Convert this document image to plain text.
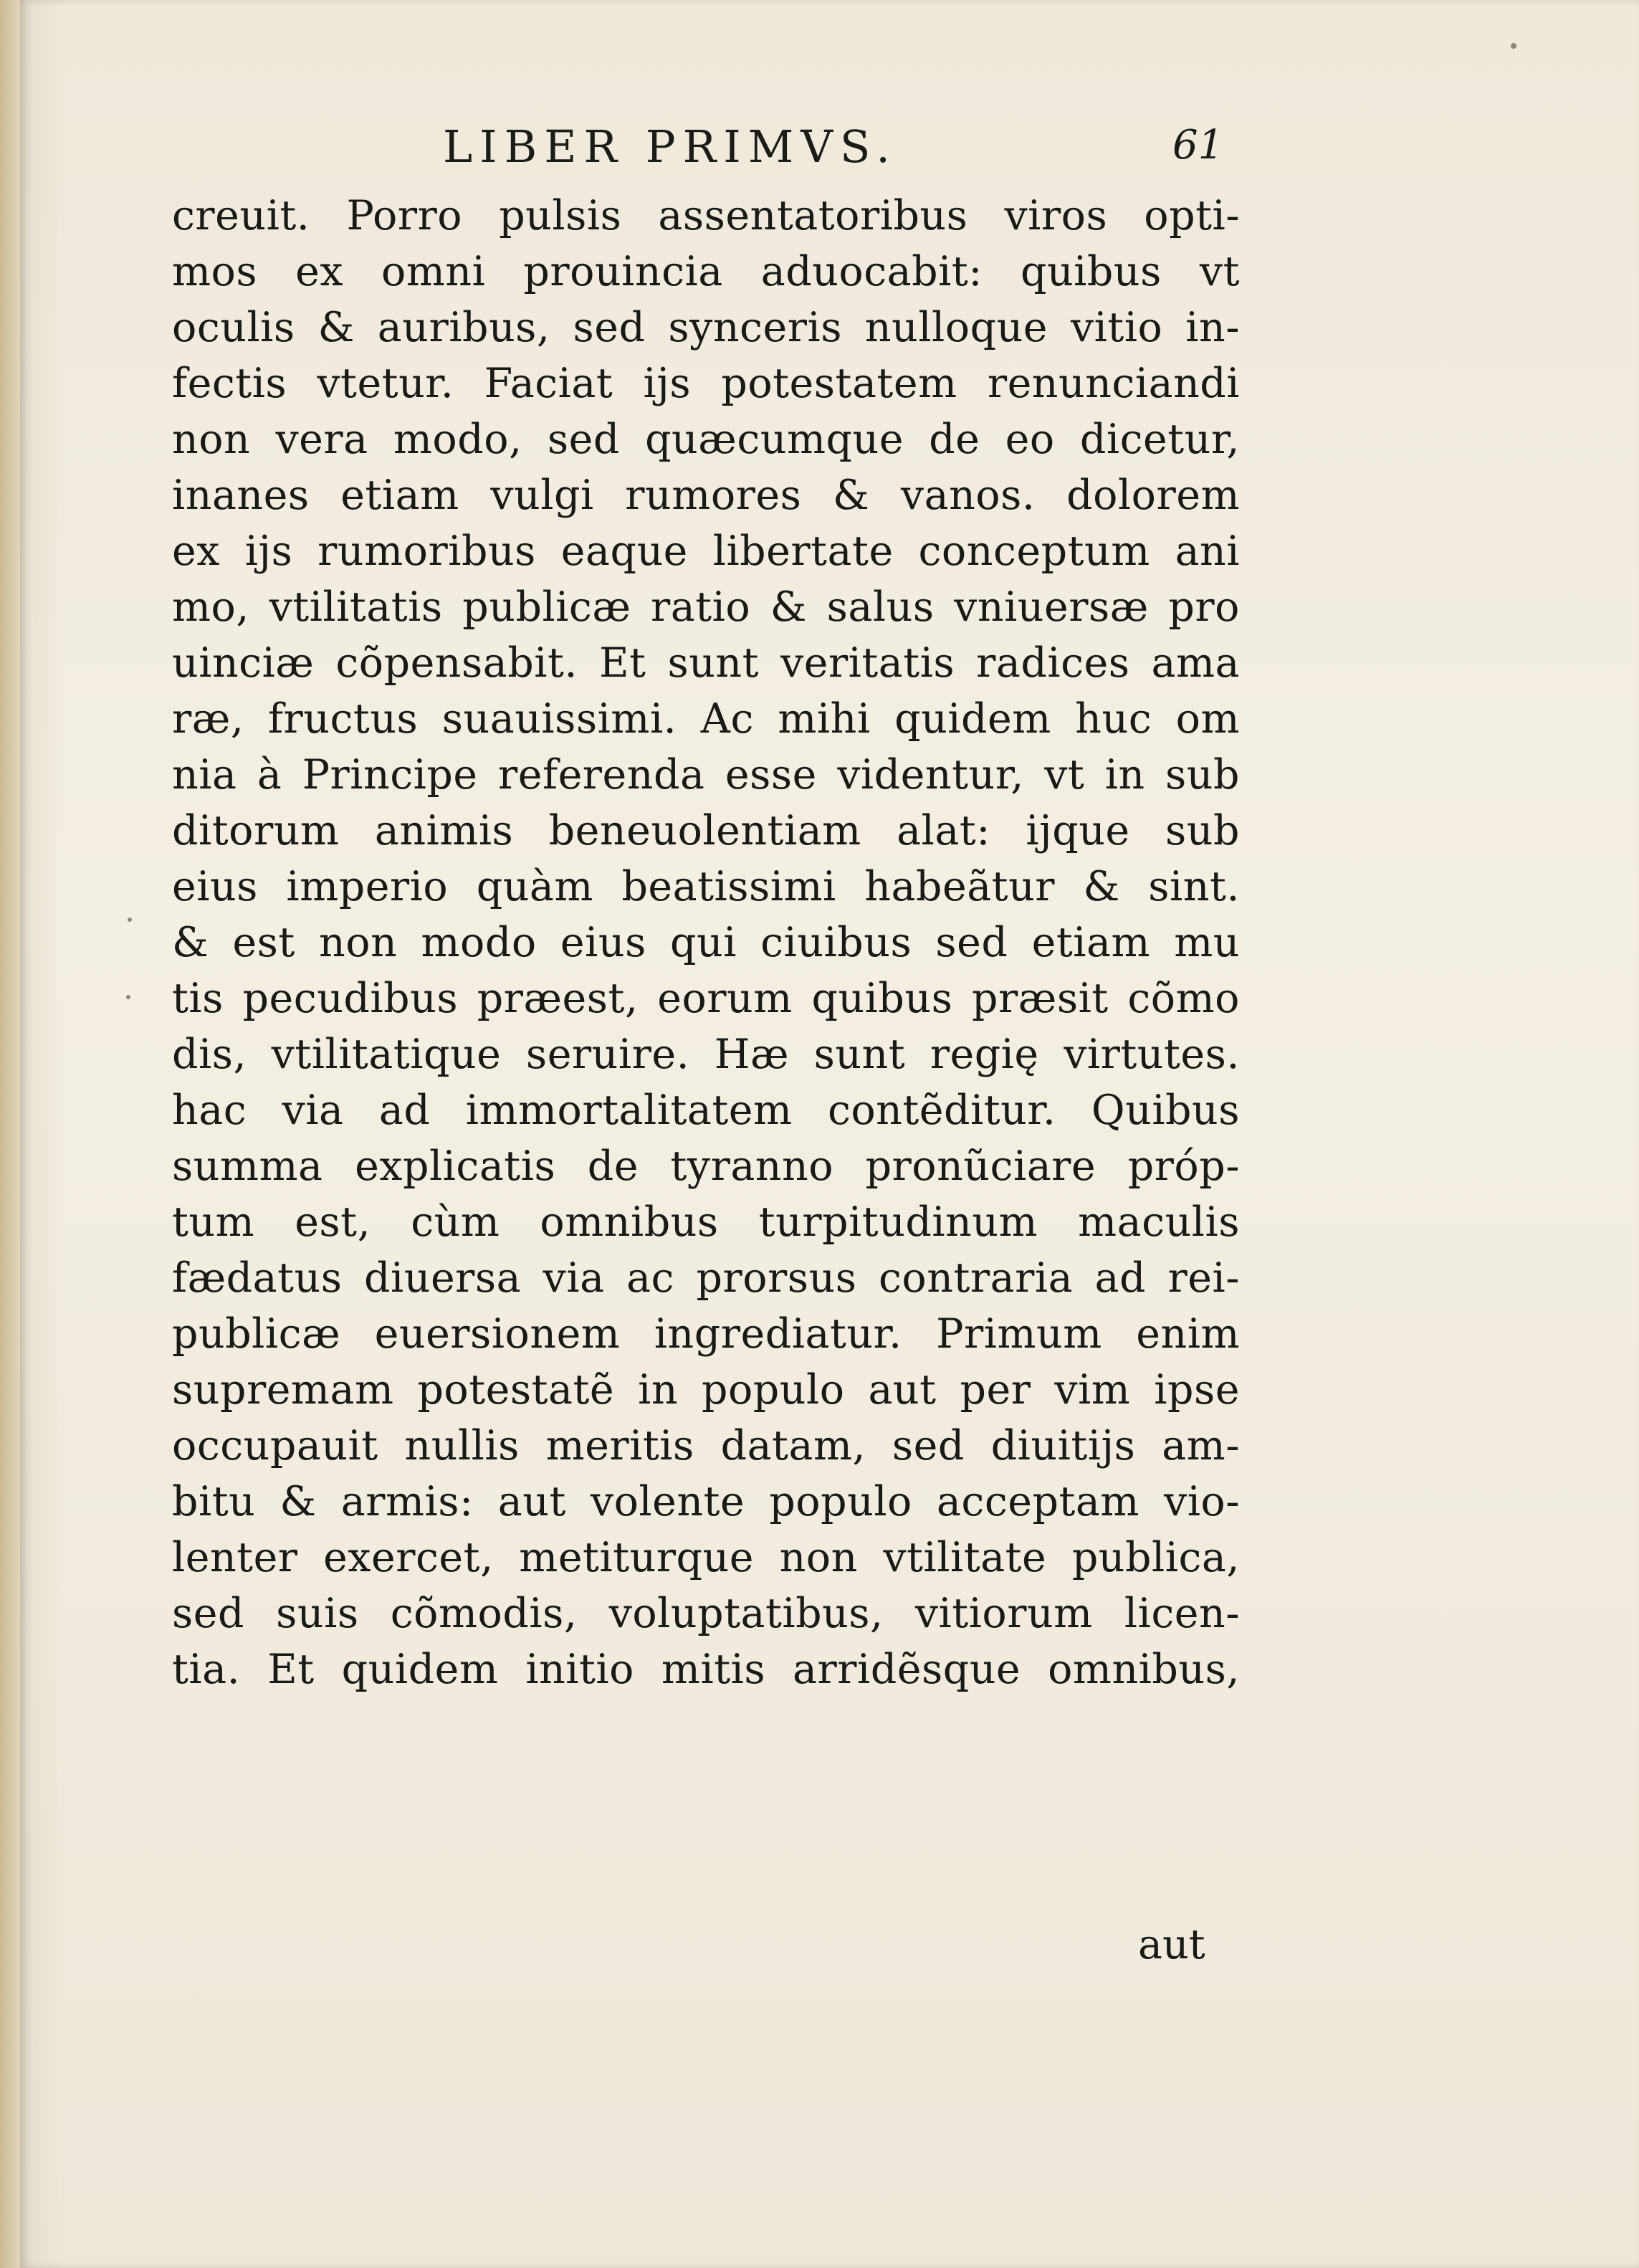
LIBER PRIMVS.	61
creuit. Porro pulsis assentatoribus viros opti-
mos ex omni prouincia aduocabit: quibus vt
oculis & auribus, sed synceris nulloque vitio in-
fectis vtetur. Faciat ijs potestatem renunciandi
non vera modo, sed quæcumque de eo dicetur,
inanes etiam vulgi rumores & vanos. dolorem
ex ijs rumoribus eaque libertate conceptum ani
mo, vtilitatis publicæ ratio & salus vniuersæ pro
uinciæ cõpensabit. Et sunt veritatis radices ama
ræ, fructus suauissimi. Ac mihi quidem huc om
nia à Principe referenda esse videntur, vt in sub
ditorum animis beneuolentiam alat: ijque sub
eius imperio quàm beatissimi habeãtur & sint.
& est non modo eius qui ciuibus sed etiam mu
tis pecudibus præest, eorum quibus præsit cõmo
dis, vtilitatique seruire. Hæ sunt regię virtutes.
hac via ad immortalitatem contẽditur. Quibus
summa explicatis de tyranno pronũciare próp-
tum est, cùm omnibus turpitudinum maculis
fædatus diuersa via ac prorsus contraria ad rei-
publicæ euersionem ingrediatur. Primum enim
supremam potestatẽ in populo aut per vim ipse
occupauit nullis meritis datam, sed diuitijs am-
bitu & armis: aut volente populo acceptam vio-
lenter exercet, metiturque non vtilitate publica,
sed suis cõmodis, voluptatibus, vitiorum licen-
tia. Et quidem initio mitis arridẽsque omnibus,
aut
